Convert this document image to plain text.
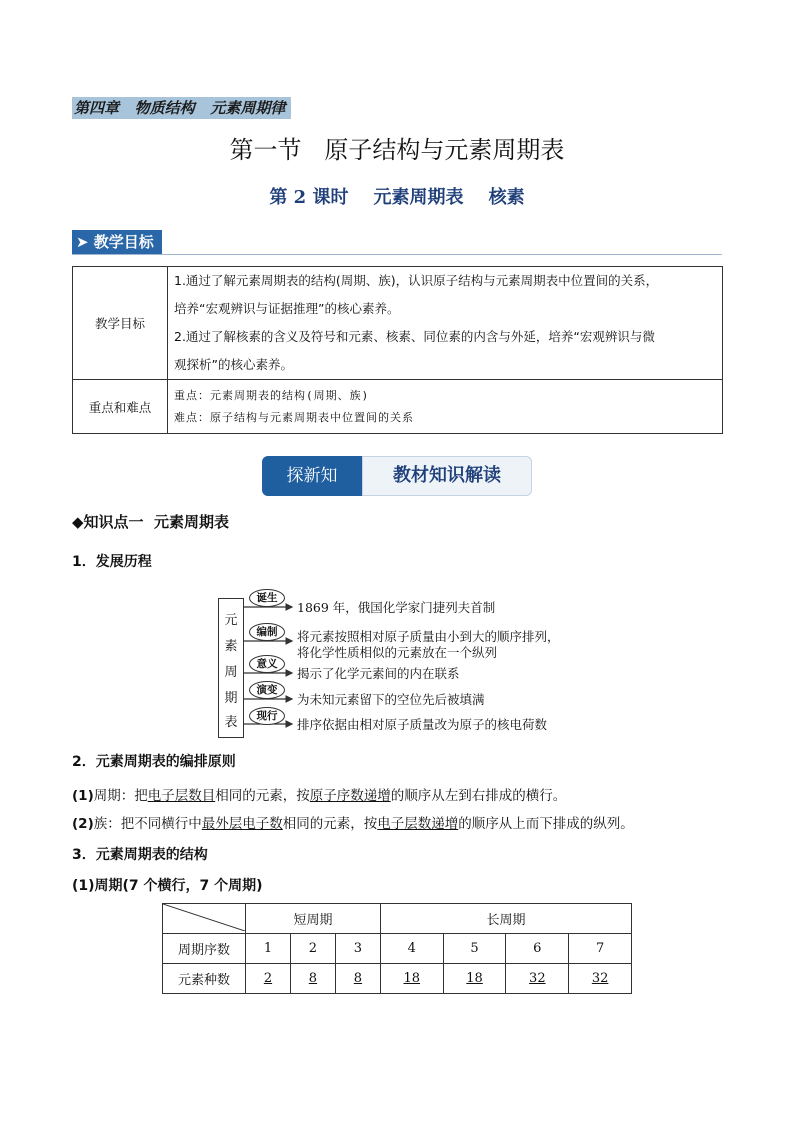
第四章   物质结构   元素周期律
第一节   原子结构与元素周期表
第 2 课时    元素周期表    核素
➤ 教学目标
教学目标	1.通过了解元素周期表的结构(周期、族)，认识原子结构与元素周期表中位置间的关系，
培养“宏观辨识与证据推理”的核心素养。
2.通过了解核素的含义及符号和元素、核素、同位素的内含与外延，培养“宏观辨识与微
观探析”的核心素养。

重点和难点	重点：元素周期表的结构(周期、族)
难点：原子结构与元素周期表中位置间的关系
探新知	教材知识解读
◆知识点一  元素周期表
1．发展历程
元
素
周
期
表
诞生
编制
意义
演变
现行
1869 年，俄国化学家门捷列夫首制
将元素按照相对原子质量由小到大的顺序排列，
将化学性质相似的元素放在一个纵列
揭示了化学元素间的内在联系
为未知元素留下的空位先后被填满
排序依据由相对原子质量改为原子的核电荷数
2．元素周期表的编排原则
(1)周期：把电子层数目相同的元素，按原子序数递增的顺序从左到右排成的横行。
(2)族：把不同横行中最外层电子数相同的元素，按电子层数递增的顺序从上而下排成的纵列。
3．元素周期表的结构
(1)周期(7 个横行，7 个周期)
	短周期			长周期			
周期序数	1	2	3	4	5	6	7
元素种数	2	8	8	18	18	32	32
